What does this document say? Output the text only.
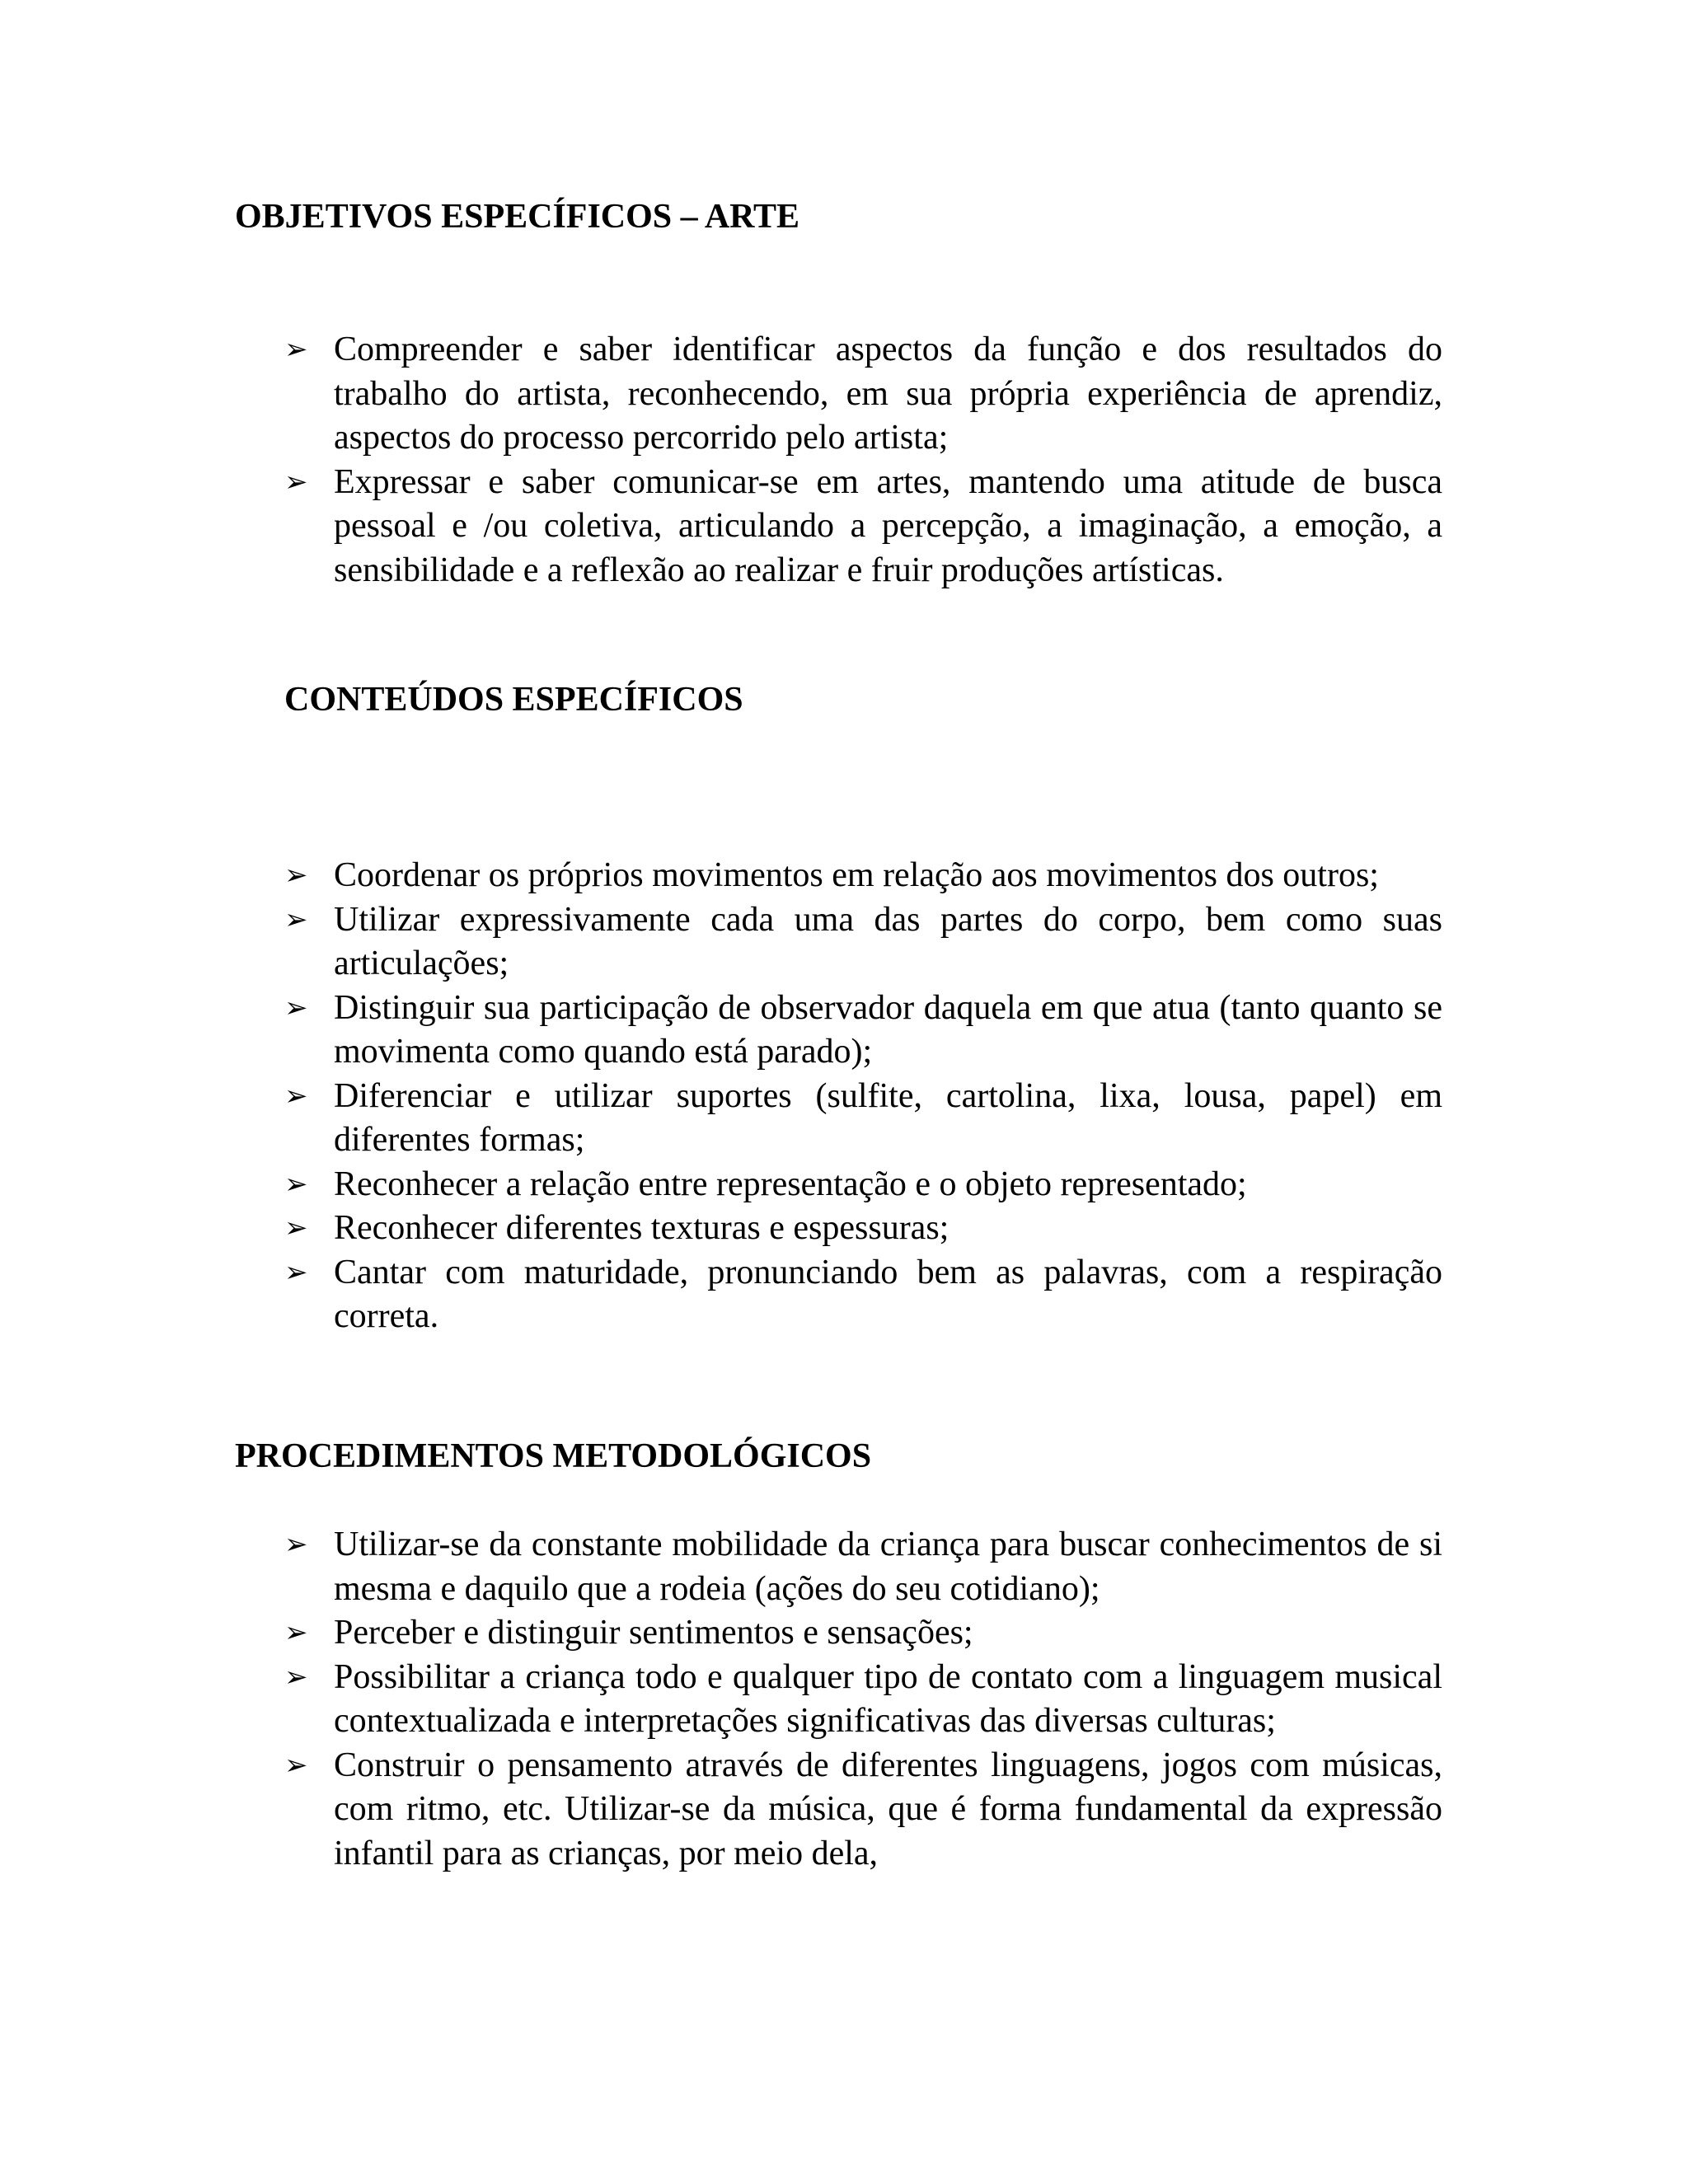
OBJETIVOS ESPECÍFICOS – ARTE
➢ Compreender e saber identificar aspectos da função e dos resultados do trabalho do artista, reconhecendo, em sua própria experiência de aprendiz, aspectos do processo percorrido pelo artista;
➢ Expressar e saber comunicar-se em artes, mantendo uma atitude de busca pessoal e /ou coletiva, articulando a percepção, a imaginação, a emoção, a sensibilidade e a reflexão ao realizar e fruir produções artísticas.
CONTEÚDOS ESPECÍFICOS
➢ Coordenar os próprios movimentos em relação aos movimentos dos outros;
➢ Utilizar expressivamente cada uma das partes do corpo, bem como suas articulações;
➢ Distinguir sua participação de observador daquela em que atua (tanto quanto se movimenta como quando está parado);
➢ Diferenciar e utilizar suportes (sulfite, cartolina, lixa, lousa, papel) em diferentes formas;
➢ Reconhecer a relação entre representação e o objeto representado;
➢ Reconhecer diferentes texturas e espessuras;
➢ Cantar com maturidade, pronunciando bem as palavras, com a respiração correta.
PROCEDIMENTOS METODOLÓGICOS
➢ Utilizar-se da constante mobilidade da criança para buscar conhecimentos de si mesma e daquilo que a rodeia (ações do seu cotidiano);
➢ Perceber e distinguir sentimentos e sensações;
➢ Possibilitar a criança todo e qualquer tipo de contato com a linguagem musical contextualizada e interpretações significativas das diversas culturas;
➢ Construir o pensamento através de diferentes linguagens, jogos com músicas, com ritmo, etc. Utilizar-se da música, que é forma fundamental da expressão infantil para as crianças, por meio dela,
